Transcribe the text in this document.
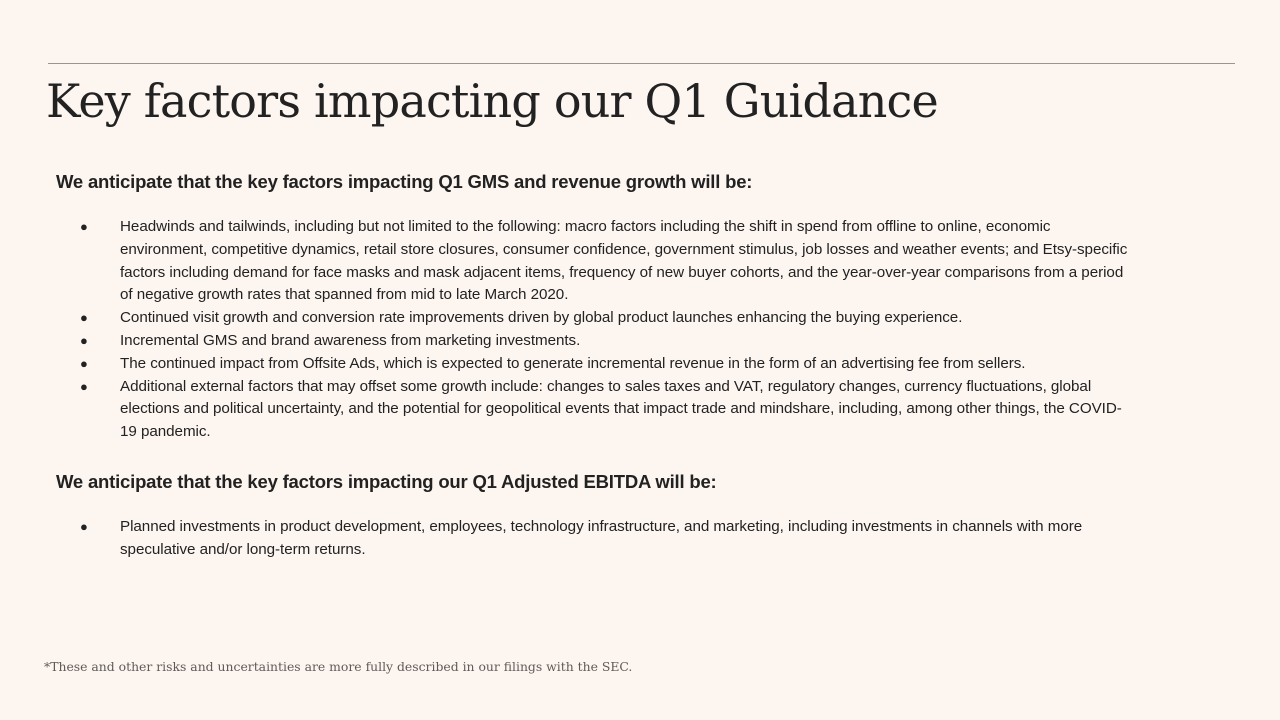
Key factors impacting our Q1 Guidance
We anticipate that the key factors impacting Q1 GMS and revenue growth will be:
● Headwinds and tailwinds, including but not limited to the following: macro factors including the shift in spend from offline to online, economic environment, competitive dynamics, retail store closures, consumer confidence, government stimulus, job losses and weather events; and Etsy-specific factors including demand for face masks and mask adjacent items, frequency of new buyer cohorts, and the year-over-year comparisons from a period of negative growth rates that spanned from mid to late March 2020.
● Continued visit growth and conversion rate improvements driven by global product launches enhancing the buying experience.
● Incremental GMS and brand awareness from marketing investments.
● The continued impact from Offsite Ads, which is expected to generate incremental revenue in the form of an advertising fee from sellers.
● Additional external factors that may offset some growth include: changes to sales taxes and VAT, regulatory changes, currency fluctuations, global elections and political uncertainty, and the potential for geopolitical events that impact trade and mindshare, including, among other things, the COVID-19 pandemic.
We anticipate that the key factors impacting our Q1 Adjusted EBITDA will be:
● Planned investments in product development, employees, technology infrastructure, and marketing, including investments in channels with more speculative and/or long-term returns.

*These and other risks and uncertainties are more fully described in our filings with the SEC.
